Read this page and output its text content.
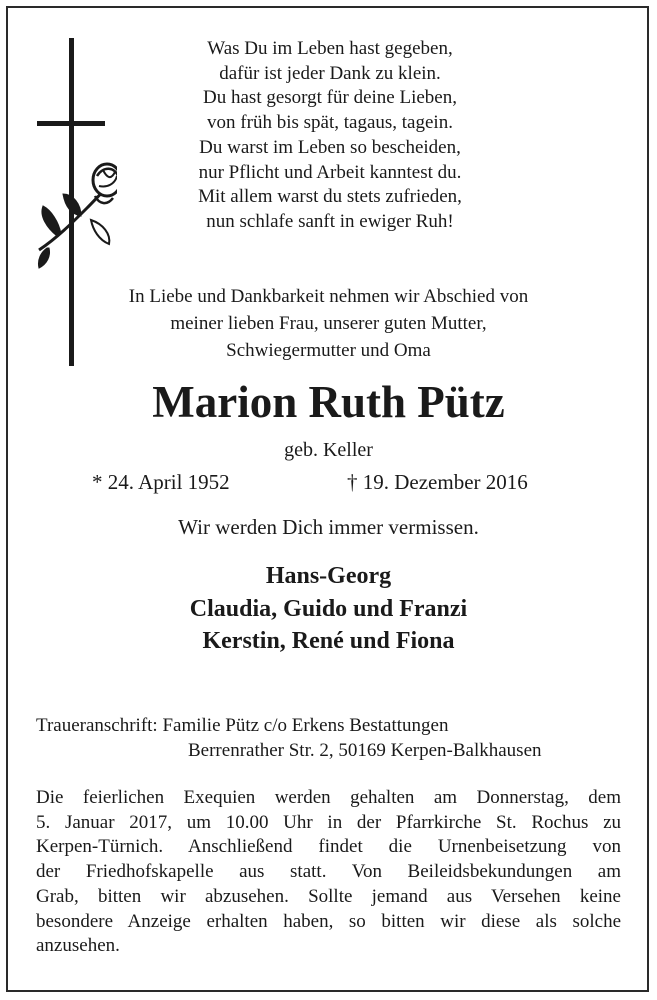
Was Du im Leben hast gegeben,
dafür ist jeder Dank zu klein.
Du hast gesorgt für deine Lieben,
von früh bis spät, tagaus, tagein.
Du warst im Leben so bescheiden,
nur Pflicht und Arbeit kanntest du.
Mit allem warst du stets zufrieden,
nun schlafe sanft in ewiger Ruh!
In Liebe und Dankbarkeit nehmen wir Abschied von
meiner lieben Frau, unserer guten Mutter,
Schwiegermutter und Oma
Marion Ruth Pütz
geb. Keller
* 24. April 1952	† 19. Dezember 2016
Wir werden Dich immer vermissen.
Hans-Georg
Claudia, Guido und Franzi
Kerstin, René und Fiona
Traueranschrift: Familie Pütz c/o Erkens Bestattungen
Berrenrather Str. 2, 50169 Kerpen-Balkhausen
Die feierlichen Exequien werden gehalten am Donnerstag, dem
5. Januar 2017, um 10.00 Uhr in der Pfarrkirche St. Rochus zu
Kerpen-Türnich. Anschließend findet die Urnenbeisetzung von
der Friedhofskapelle aus statt. Von Beileidsbekundungen am
Grab, bitten wir abzusehen. Sollte jemand aus Versehen keine
besondere Anzeige erhalten haben, so bitten wir diese als solche
anzusehen.
